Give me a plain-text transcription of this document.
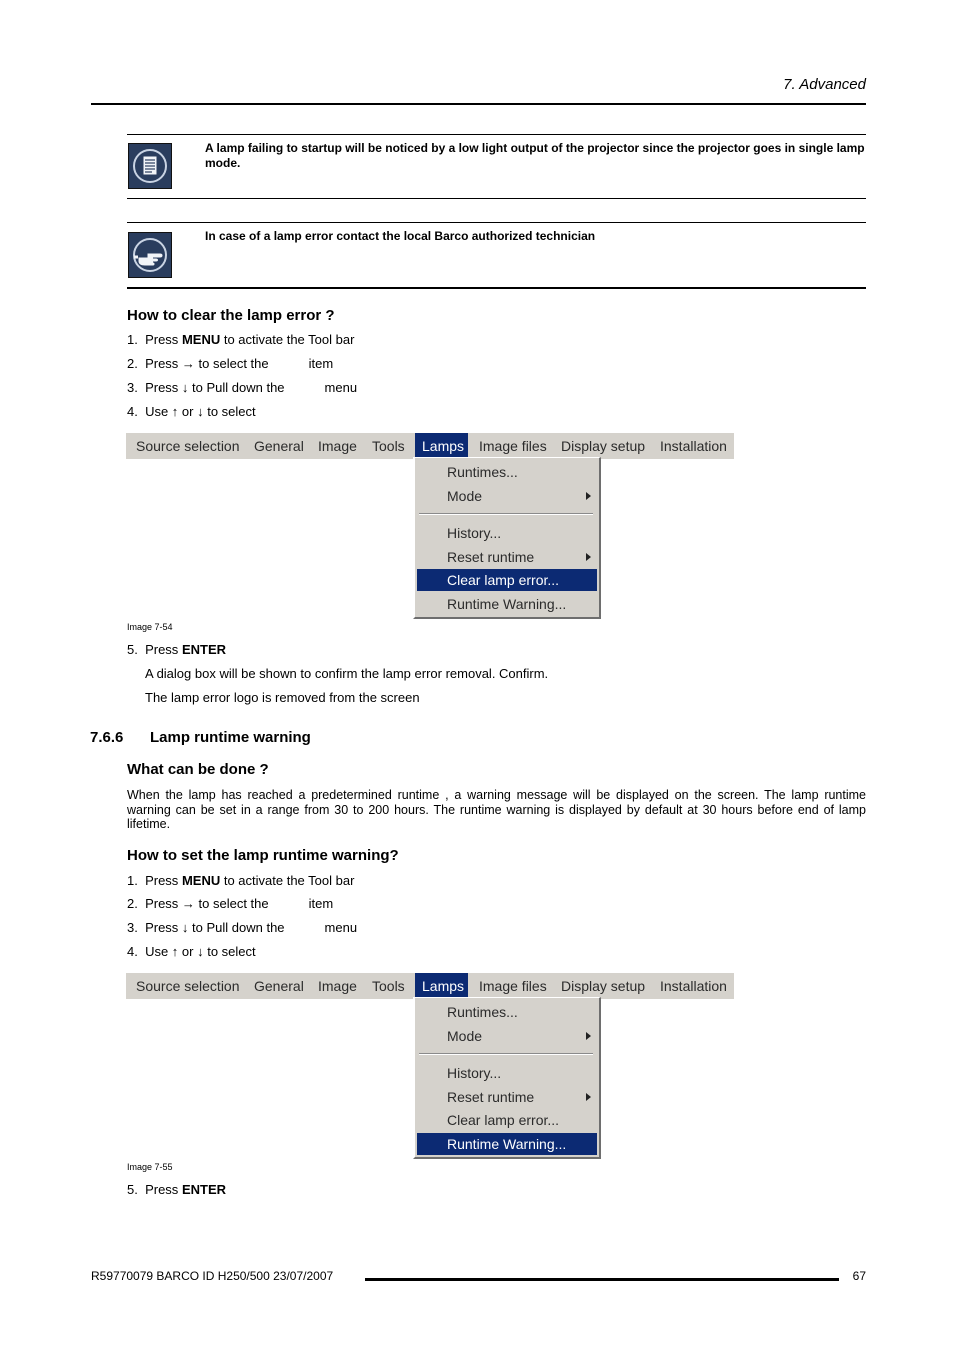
7. Advanced
A lamp failing to startup will be noticed by a low light output of the projector since the projector goes in single lamp mode.
In case of a lamp error contact the local Barco authorized technician
How to clear the lamp error ?
1. Press MENU to activate the Tool bar
2. Press → to select the	item
3. Press ↓ to Pull down the	menu
4. Use ↑ or ↓ to select
Source selection General Image Tools	Lamps Image files Display setup Installation
Runtimes...
Mode
History...
Reset runtime
Clear lamp error...
Runtime Warning...
Image 7-54
5. Press ENTER
A dialog box will be shown to confirm the lamp error removal. Confirm.
The lamp error logo is removed from the screen
7.6.6 Lamp runtime warning
What can be done ?
When the lamp has reached a predetermined runtime , a warning message will be displayed on the screen. The lamp runtime warning can be set in a range from 30 to 200 hours. The runtime warning is displayed by default at 30 hours before end of lamp lifetime.
How to set the lamp runtime warning?
1. Press MENU to activate the Tool bar
2. Press → to select the	item
3. Press ↓ to Pull down the	menu
4. Use ↑ or ↓ to select
Source selection General Image Tools	Lamps Image files Display setup Installation
Runtimes...
Mode
History...
Reset runtime
Clear lamp error...
Runtime Warning...
Image 7-55
5. Press ENTER
R59770079 BARCO ID H250/500 23/07/2007	67
